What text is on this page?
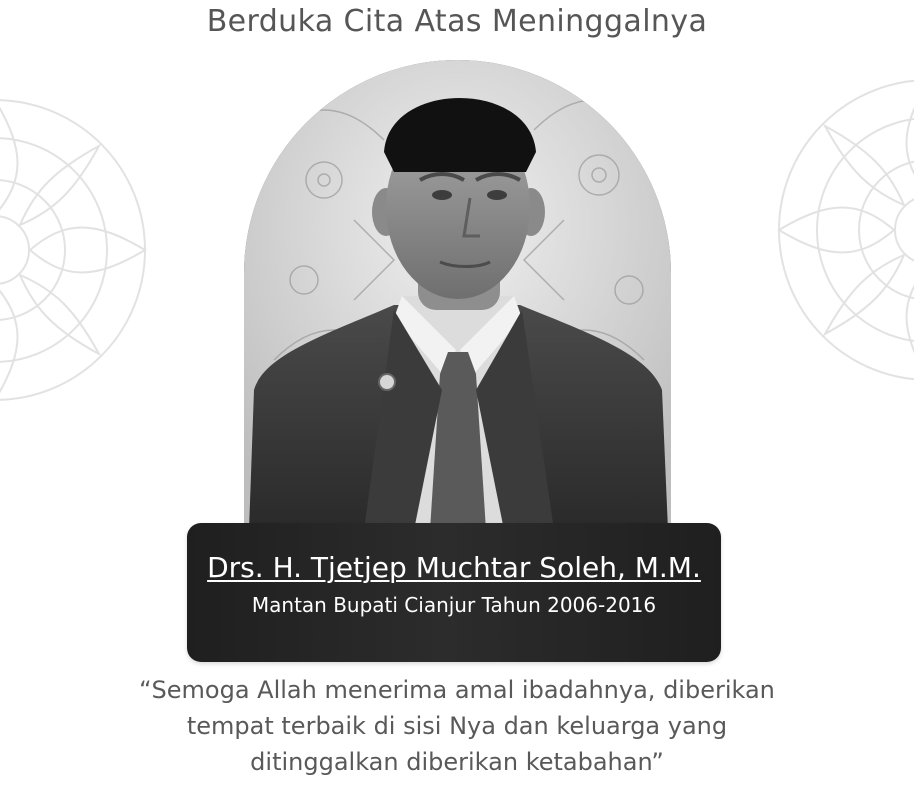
Berduka Cita Atas Meninggalnya
Drs. H. Tjetjep Muchtar Soleh, M.M.
Mantan Bupati Cianjur Tahun 2006-2016
“Semoga Allah menerima amal ibadahnya, diberikan
tempat terbaik di sisi Nya dan keluarga yang
ditinggalkan diberikan ketabahan”
